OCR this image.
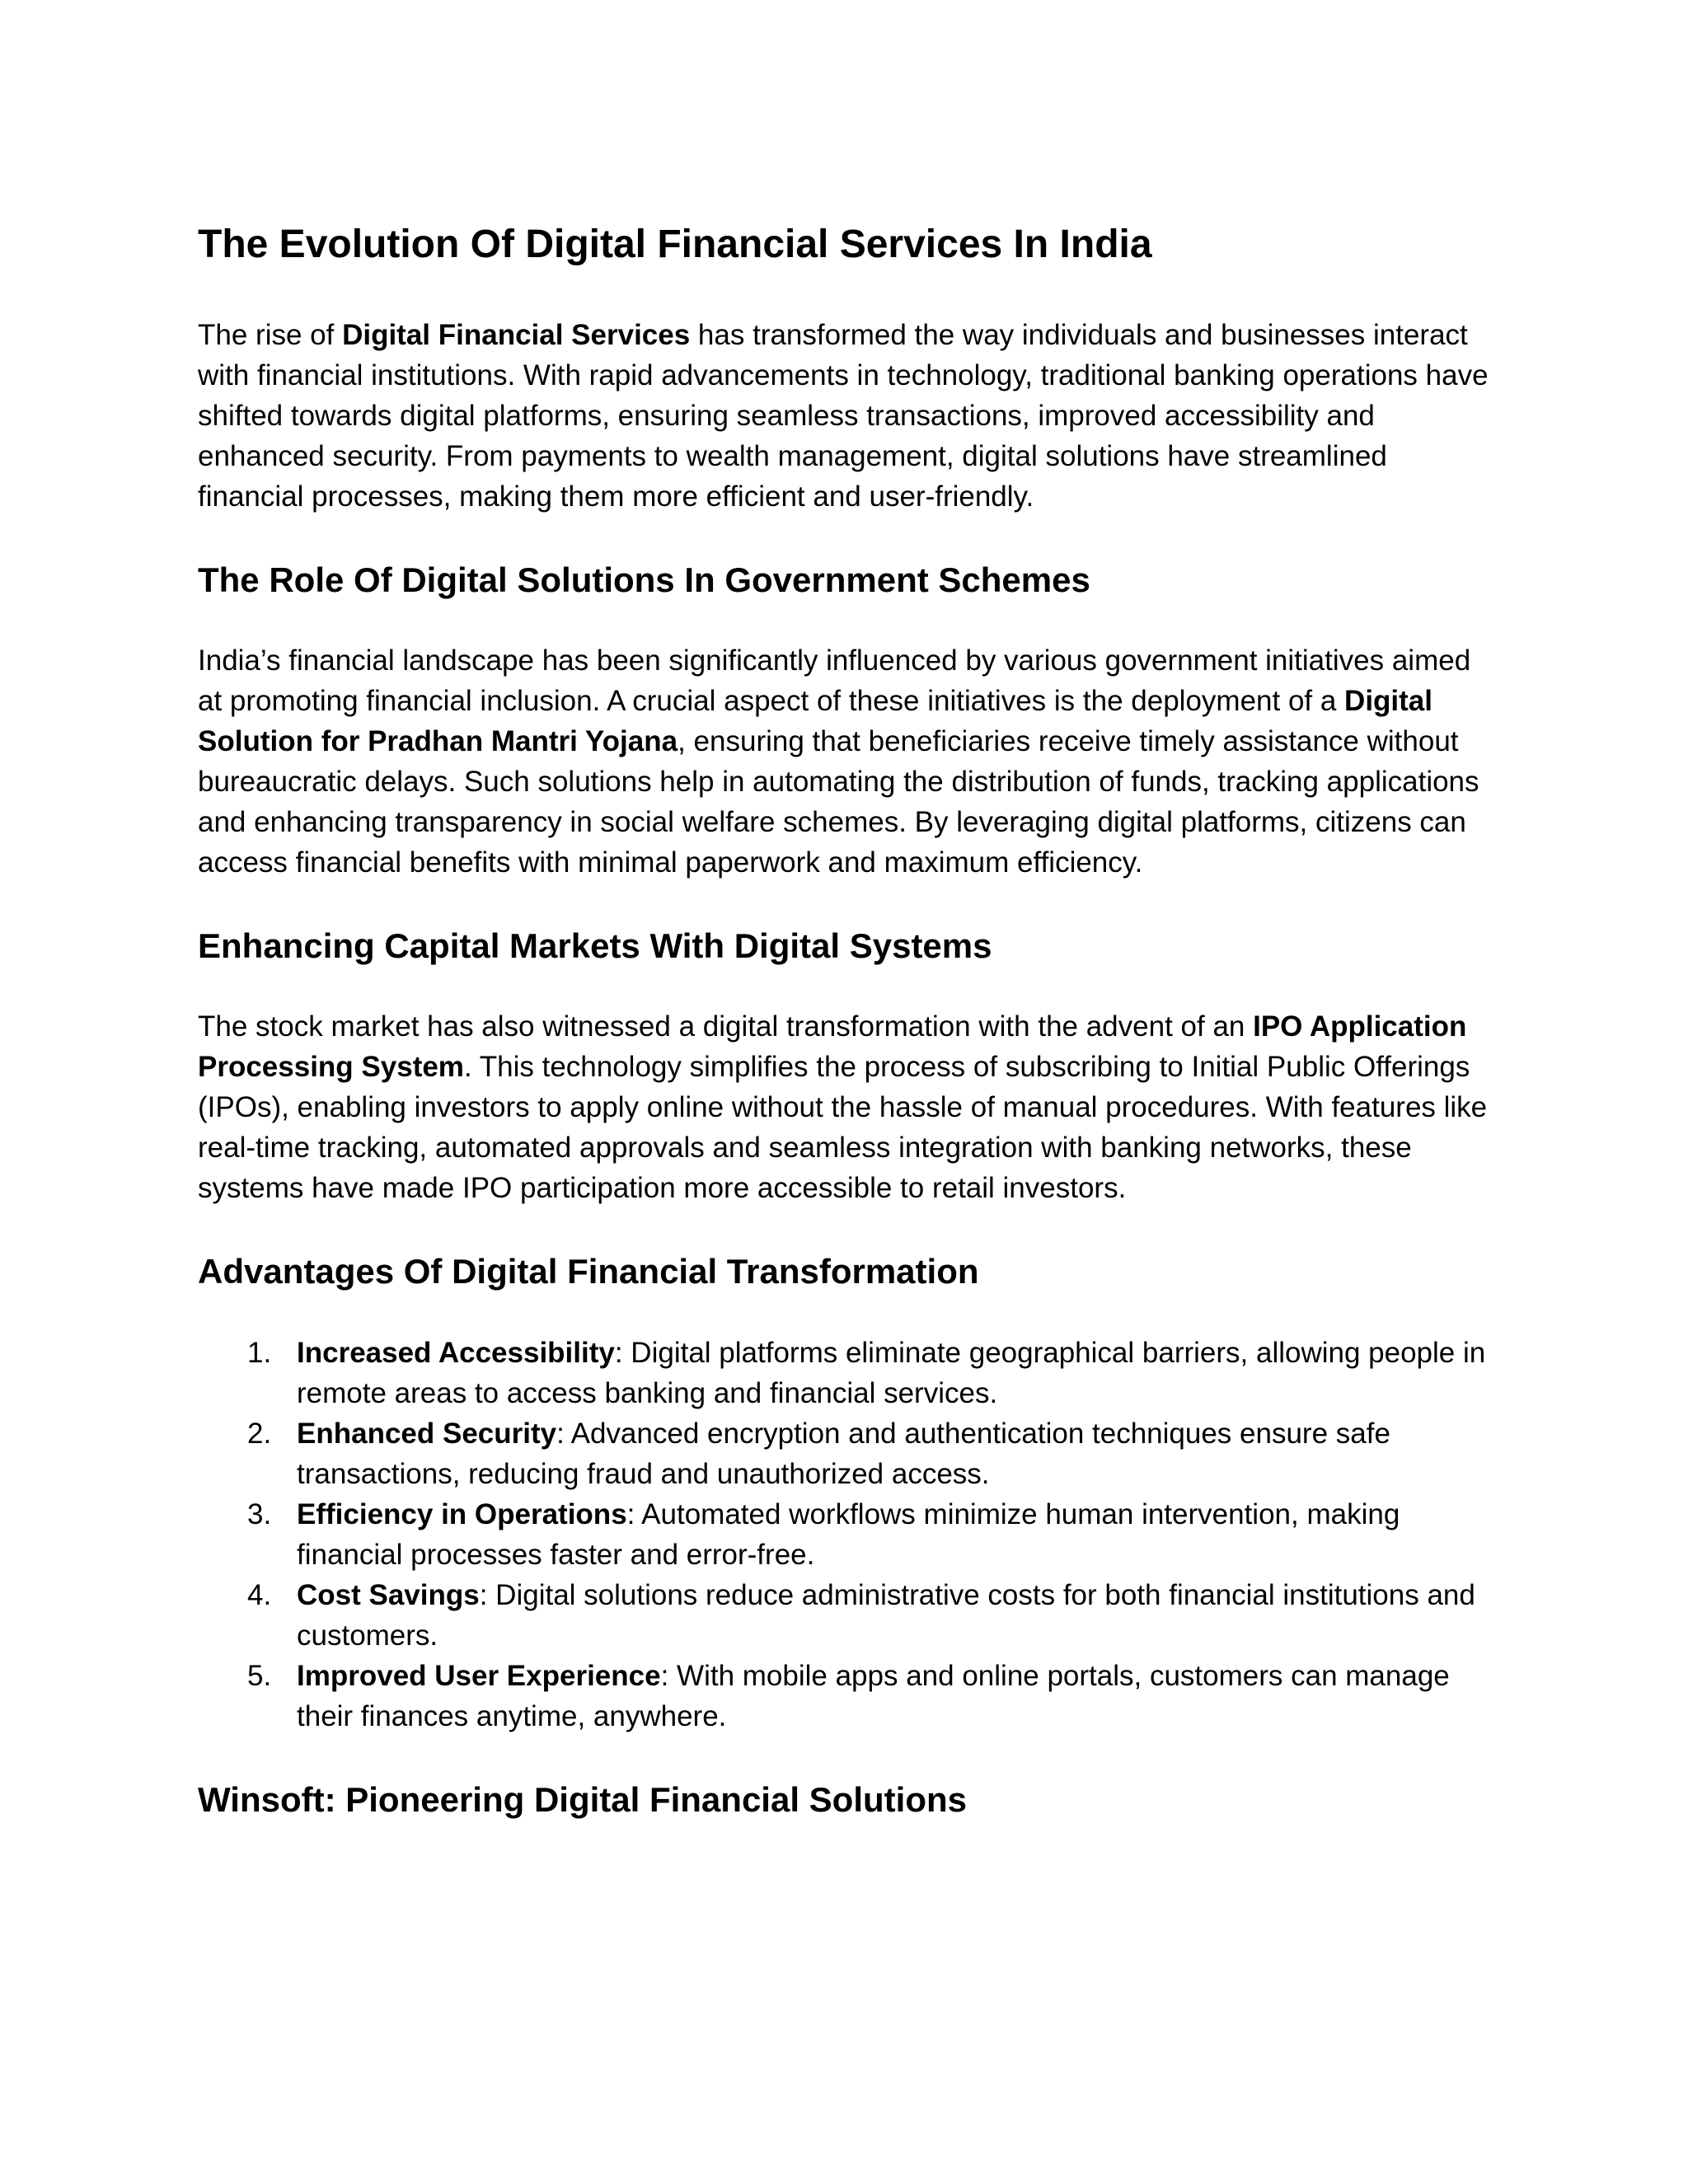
The Evolution Of Digital Financial Services In India

The rise of Digital Financial Services has transformed the way individuals and businesses interact with financial institutions. With rapid advancements in technology, traditional banking operations have shifted towards digital platforms, ensuring seamless transactions, improved accessibility and enhanced security. From payments to wealth management, digital solutions have streamlined financial processes, making them more efficient and user-friendly.

The Role Of Digital Solutions In Government Schemes

India’s financial landscape has been significantly influenced by various government initiatives aimed at promoting financial inclusion. A crucial aspect of these initiatives is the deployment of a Digital Solution for Pradhan Mantri Yojana, ensuring that beneficiaries receive timely assistance without bureaucratic delays. Such solutions help in automating the distribution of funds, tracking applications and enhancing transparency in social welfare schemes. By leveraging digital platforms, citizens can access financial benefits with minimal paperwork and maximum efficiency.

Enhancing Capital Markets With Digital Systems

The stock market has also witnessed a digital transformation with the advent of an IPO Application Processing System. This technology simplifies the process of subscribing to Initial Public Offerings (IPOs), enabling investors to apply online without the hassle of manual procedures. With features like real-time tracking, automated approvals and seamless integration with banking networks, these systems have made IPO participation more accessible to retail investors.

Advantages Of Digital Financial Transformation
1. Increased Accessibility: Digital platforms eliminate geographical barriers, allowing people in remote areas to access banking and financial services.
2. Enhanced Security: Advanced encryption and authentication techniques ensure safe transactions, reducing fraud and unauthorized access.
3. Efficiency in Operations: Automated workflows minimize human intervention, making financial processes faster and error-free.
4. Cost Savings: Digital solutions reduce administrative costs for both financial institutions and customers.
5. Improved User Experience: With mobile apps and online portals, customers can manage their finances anytime, anywhere.
Winsoft: Pioneering Digital Financial Solutions
